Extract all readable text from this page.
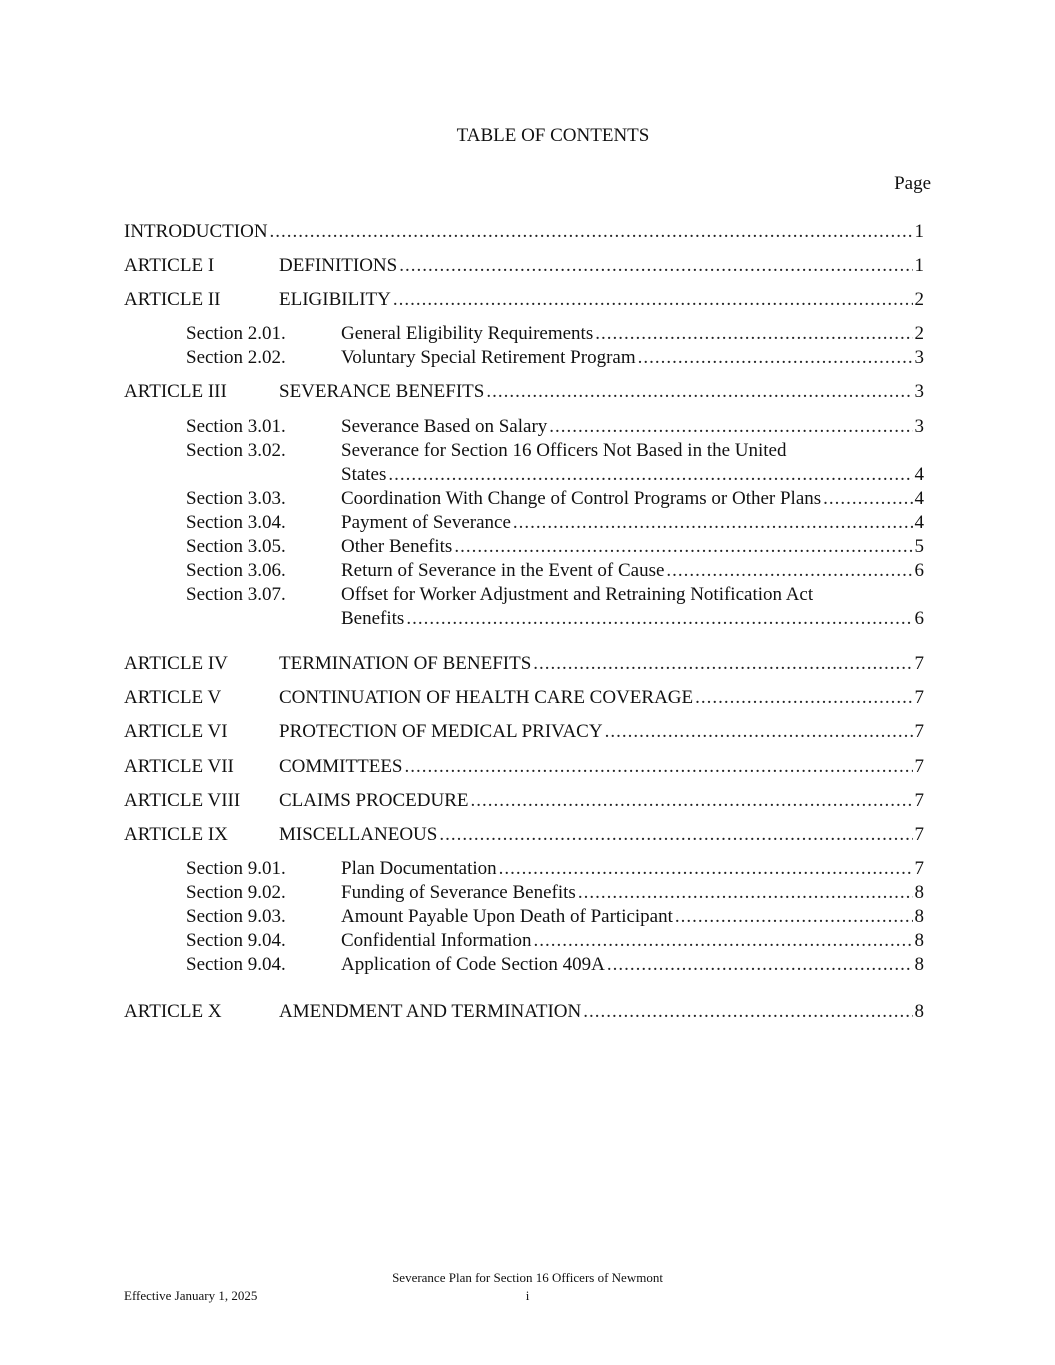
TABLE OF CONTENTS
Page
INTRODUCTION .....	1
ARTICLE I	DEFINITIONS .....	1
ARTICLE II	ELIGIBILITY .....	2
Section 2.01.	General Eligibility Requirements .....	2
Section 2.02.	Voluntary Special Retirement Program .....	3
ARTICLE III	SEVERANCE BENEFITS .....	3
Section 3.01.	Severance Based on Salary .....	3
Section 3.02.	Severance for Section 16 Officers Not Based in the United
States .....	4
Section 3.03.	Coordination With Change of Control Programs or Other Plans .....	4
Section 3.04.	Payment of Severance .....	4
Section 3.05.	Other Benefits .....	5
Section 3.06.	Return of Severance in the Event of Cause .....	6
Section 3.07.	Offset for Worker Adjustment and Retraining Notification Act
Benefits .....	6
ARTICLE IV	TERMINATION OF BENEFITS .....	7
ARTICLE V	CONTINUATION OF HEALTH CARE COVERAGE .....	7
ARTICLE VI	PROTECTION OF MEDICAL PRIVACY .....	7
ARTICLE VII COMMITTEES .....	7
ARTICLE VIII CLAIMS PROCEDURE .....	7
ARTICLE IX	MISCELLANEOUS .....	7
Section 9.01.	Plan Documentation .....	7
Section 9.02.	Funding of Severance Benefits .....	8
Section 9.03.	Amount Payable Upon Death of Participant .....	8
Section 9.04.	Confidential Information .....	8
Section 9.04.	Application of Code Section 409A .....	8
ARTICLE X	AMENDMENT AND TERMINATION .....	8
Severance Plan for Section 16 Officers of Newmont
Effective January 1, 2025	i
